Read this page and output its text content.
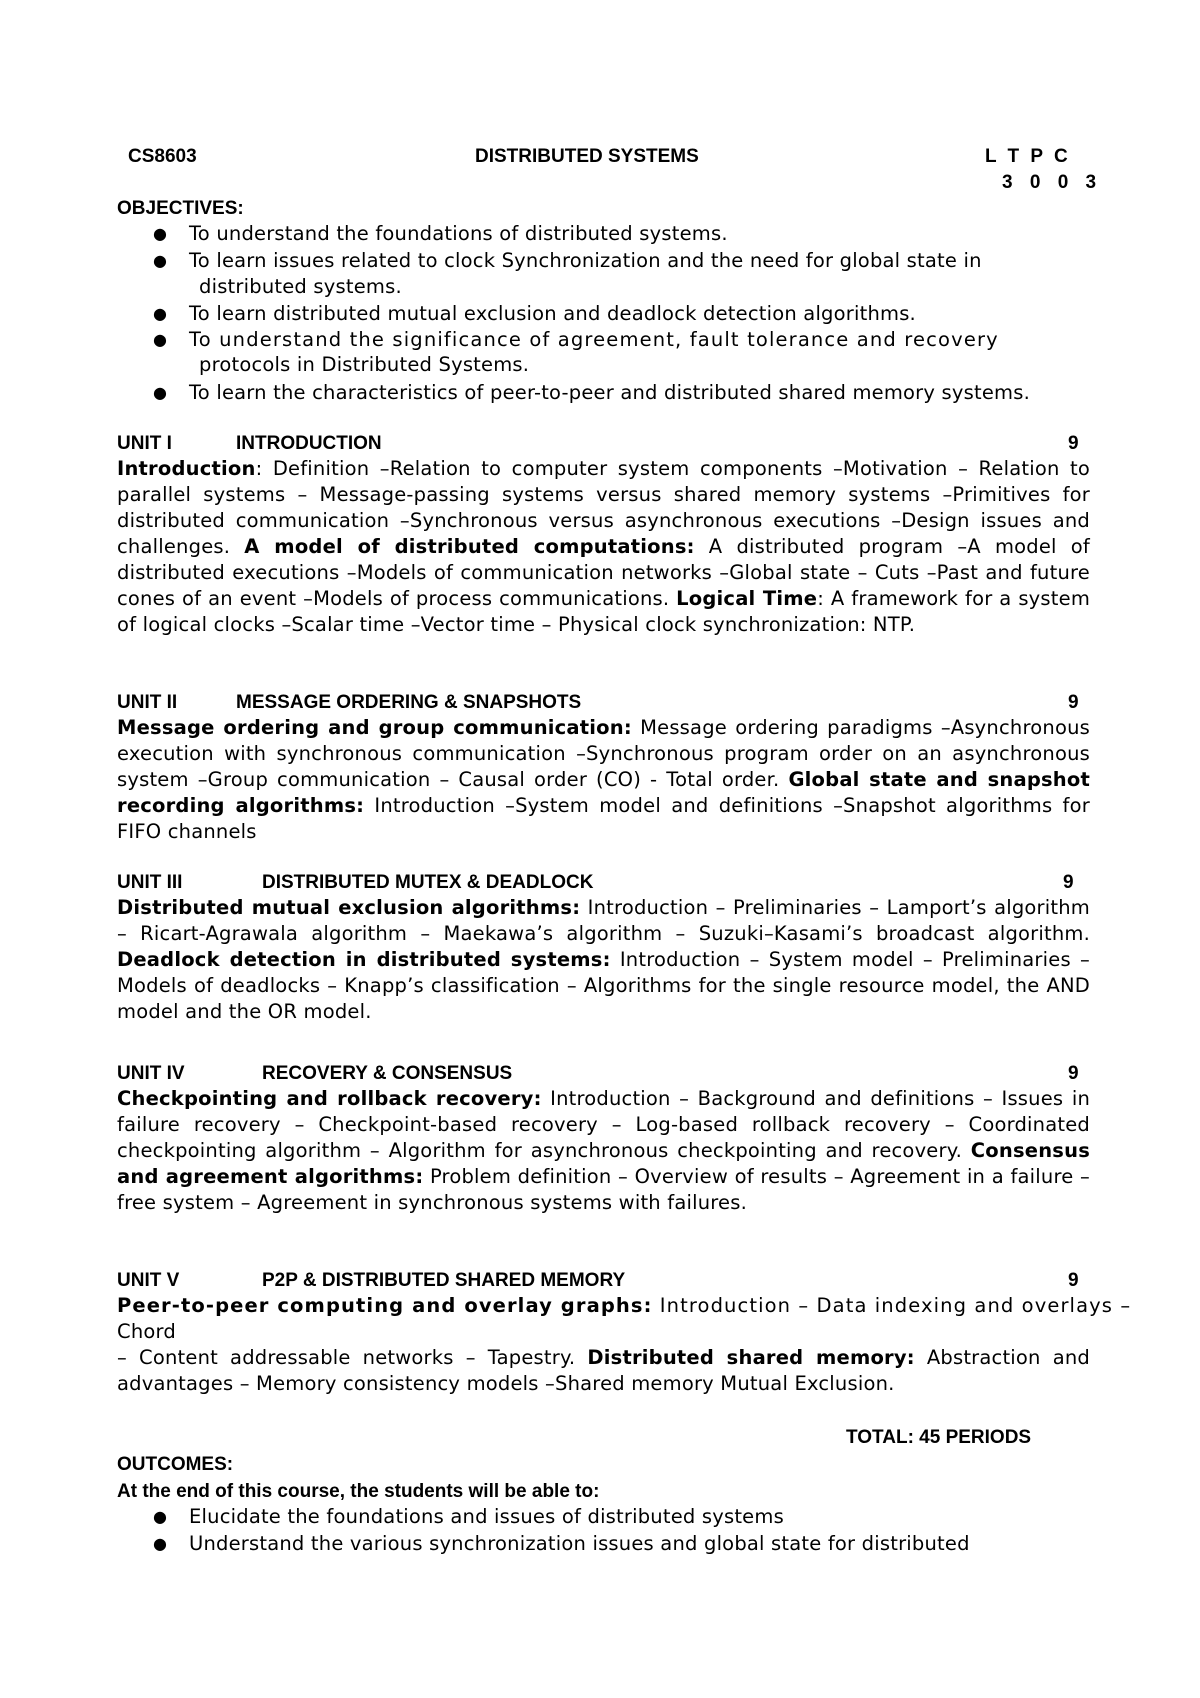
CS8603	DISTRIBUTED SYSTEMS	L T P C
3 0 0 3
OBJECTIVES:
● To understand the foundations of distributed systems.
● To learn issues related to clock Synchronization and the need for global state in
distributed systems.
● To learn distributed mutual exclusion and deadlock detection algorithms.
● To understand the significance of agreement, fault tolerance and recovery
protocols in Distributed Systems.
● To learn the characteristics of peer-to-peer and distributed shared memory systems.
UNIT I	INTRODUCTION	9
Introduction: Definition –Relation to computer system components –Motivation – Relation to parallel systems – Message-passing systems versus shared memory systems –Primitives for distributed communication –Synchronous versus asynchronous executions –Design issues and challenges. A model of distributed computations: A distributed program –A model of distributed executions –Models of communication networks –Global state – Cuts –Past and future cones of an event –Models of process communications. Logical Time: A framework for a system of logical clocks –Scalar time –Vector time – Physical clock synchronization: NTP.
UNIT II	MESSAGE ORDERING & SNAPSHOTS	9
Message ordering and group communication: Message ordering paradigms –Asynchronous execution with synchronous communication –Synchronous program order on an asynchronous system –Group communication – Causal order (CO) - Total order. Global state and snapshot recording algorithms: Introduction –System model and definitions –Snapshot algorithms for FIFO channels
UNIT III	DISTRIBUTED MUTEX & DEADLOCK	9
Distributed mutual exclusion algorithms: Introduction – Preliminaries – Lamport’s algorithm – Ricart-Agrawala algorithm – Maekawa’s algorithm – Suzuki–Kasami’s broadcast algorithm. Deadlock detection in distributed systems: Introduction – System model – Preliminaries – Models of deadlocks – Knapp’s classification – Algorithms for the single resource model, the AND model and the OR model.
UNIT IV	RECOVERY & CONSENSUS	9
Checkpointing and rollback recovery: Introduction – Background and definitions – Issues in failure recovery – Checkpoint-based recovery – Log-based rollback recovery – Coordinated checkpointing algorithm – Algorithm for asynchronous checkpointing and recovery. Consensus and agreement algorithms: Problem definition – Overview of results – Agreement in a failure – free system – Agreement in synchronous systems with failures.
UNIT V	P2P & DISTRIBUTED SHARED MEMORY	9
Peer-to-peer computing and overlay graphs: Introduction – Data indexing and overlays –
Chord
– Content addressable networks – Tapestry. Distributed shared memory: Abstraction and advantages – Memory consistency models –Shared memory Mutual Exclusion.
TOTAL: 45 PERIODS
OUTCOMES:
At the end of this course, the students will be able to:
● Elucidate the foundations and issues of distributed systems
● Understand the various synchronization issues and global state for distributed
